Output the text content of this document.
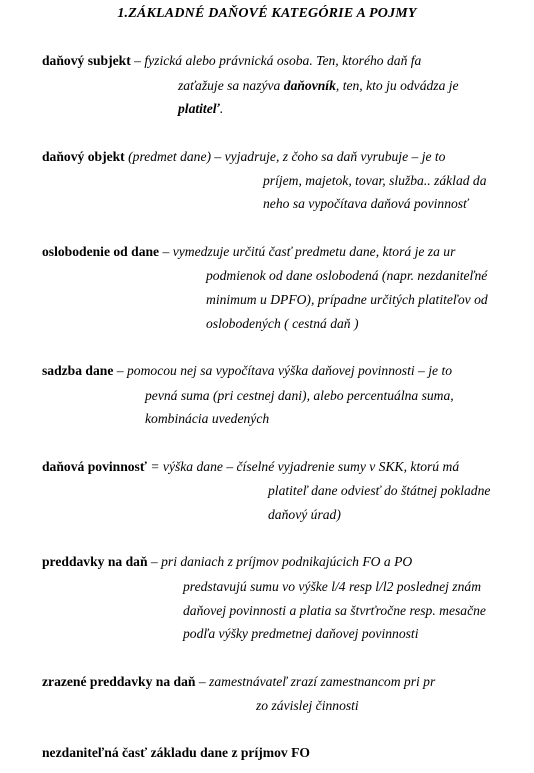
1.ZÁKLADNÉ DAŇOVÉ KATEGÓRIE A POJMY
daňový subjekt – fyzická alebo právnická osoba. Ten, ktorého daň fa
zaťažuje sa nazýva daňovník, ten, kto ju odvádza je
platiteľ.
daňový objekt (predmet dane) – vyjadruje, z čoho sa daň vyrubuje – je to
príjem, majetok, tovar, služba.. základ da
neho sa vypočítava daňová povinnosť
oslobodenie od dane – vymedzuje určitú časť predmetu dane, ktorá je za ur
podmienok od dane oslobodená (napr. nezdaniteľné
minimum u DPFO), prípadne určitých platiteľov od
oslobodených ( cestná daň )
sadzba dane – pomocou nej sa vypočítava výška daňovej povinnosti – je to
pevná suma (pri cestnej dani), alebo percentuálna suma,
kombinácia uvedených
daňová povinnosť = výška dane – číselné vyjadrenie sumy v SKK, ktorú má
platiteľ dane odviesť do štátnej pokladne
daňový úrad)
preddavky na daň – pri daniach z príjmov podnikajúcich FO a PO
predstavujú sumu vo výške l/4 resp l/l2 poslednej znám
daňovej povinnosti a platia sa štvrťročne resp. mesačne
podľa výšky predmetnej daňovej povinnosti
zrazené preddavky na daň – zamestnávateľ zrazí zamestnancom pri pr
zo závislej činnosti
nezdaniteľná časť základu dane z príjmov FO
